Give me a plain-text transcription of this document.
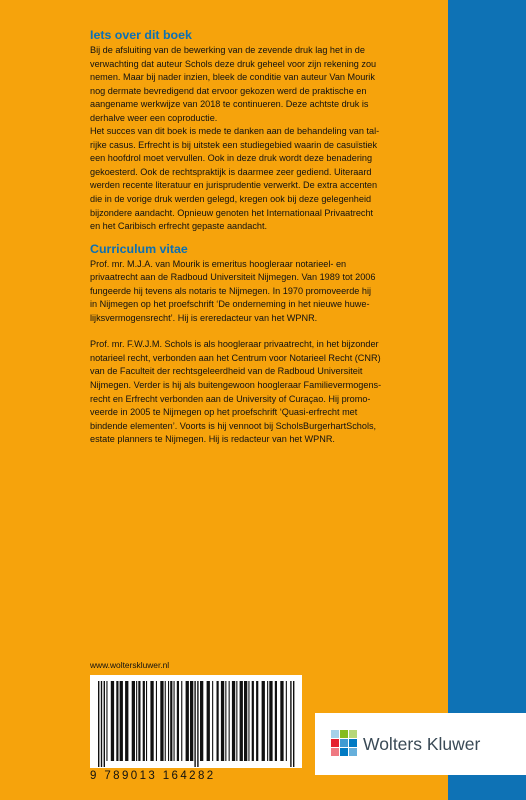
Iets over dit boek

Bij de afsluiting van de bewerking van de zevende druk lag het in de
verwachting dat auteur Schols deze druk geheel voor zijn rekening zou
nemen. Maar bij nader inzien, bleek de conditie van auteur Van Mourik
nog dermate bevredigend dat ervoor gekozen werd de praktische en
aangename werkwijze van 2018 te continueren. Deze achtste druk is
derhalve weer een coproductie.
Het succes van dit boek is mede te danken aan de behandeling van tal-
rijke casus. Erfrecht is bij uitstek een studiegebied waarin de casuïstiek
een hoofdrol moet vervullen. Ook in deze druk wordt deze benadering
gekoesterd. Ook de rechtspraktijk is daarmee zeer gediend. Uiteraard
werden recente literatuur en jurisprudentie verwerkt. De extra accenten
die in de vorige druk werden gelegd, kregen ook bij deze gelegenheid
bijzondere aandacht. Opnieuw genoten het Internationaal Privaatrecht
en het Caribisch erfrecht gepaste aandacht.

Curriculum vitae

Prof. mr. M.J.A. van Mourik is emeritus hoogleraar notarieel- en
privaatrecht aan de Radboud Universiteit Nijmegen. Van 1989 tot 2006
fungeerde hij tevens als notaris te Nijmegen. In 1970 promoveerde hij
in Nijmegen op het proefschrift ‘De onderneming in het nieuwe huwe-
lijksvermogensrecht’. Hij is ereredacteur van het WPNR.

Prof. mr. F.W.J.M. Schols is als hoogleraar privaatrecht, in het bijzonder
notarieel recht, verbonden aan het Centrum voor Notarieel Recht (CNR)
van de Faculteit der rechtsgeleerdheid van de Radboud Universiteit
Nijmegen. Verder is hij als buitengewoon hoogleraar Familievermogens-
recht en Erfrecht verbonden aan de University of Curaçao. Hij promo-
veerde in 2005 te Nijmegen op het proefschrift ‘Quasi-erfrecht met
bindende elementen’. Voorts is hij vennoot bij ScholsBurgerhartSchols,
estate planners te Nijmegen. Hij is redacteur van het WPNR.

www.wolterskluwer.nl
9 789013 164282
Wolters Kluwer
